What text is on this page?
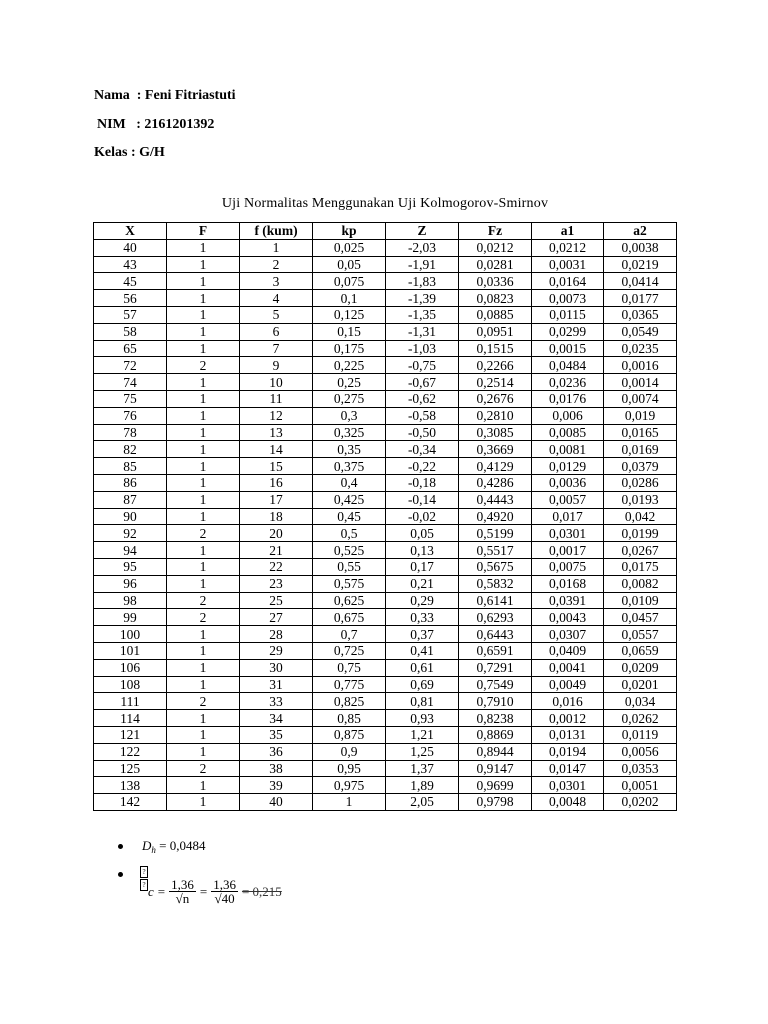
Nama  : Feni Fitriastuti
NIM   : 2161201392
Kelas : G/H
Uji Normalitas Menggunakan Uji Kolmogorov-Smirnov
X	F	f (kum)	kp	Z	Fz	a1	a2
40	1	1	0,025	-2,03	0,0212	0,0212	0,0038
43	1	2	0,05	-1,91	0,0281	0,0031	0,0219
45	1	3	0,075	-1,83	0,0336	0,0164	0,0414
56	1	4	0,1	-1,39	0,0823	0,0073	0,0177
57	1	5	0,125	-1,35	0,0885	0,0115	0,0365
58	1	6	0,15	-1,31	0,0951	0,0299	0,0549
65	1	7	0,175	-1,03	0,1515	0,0015	0,0235
72	2	9	0,225	-0,75	0,2266	0,0484	0,0016
74	1	10	0,25	-0,67	0,2514	0,0236	0,0014
75	1	11	0,275	-0,62	0,2676	0,0176	0,0074
76	1	12	0,3	-0,58	0,2810	0,006	0,019
78	1	13	0,325	-0,50	0,3085	0,0085	0,0165
82	1	14	0,35	-0,34	0,3669	0,0081	0,0169
85	1	15	0,375	-0,22	0,4129	0,0129	0,0379
86	1	16	0,4	-0,18	0,4286	0,0036	0,0286
87	1	17	0,425	-0,14	0,4443	0,0057	0,0193
90	1	18	0,45	-0,02	0,4920	0,017	0,042
92	2	20	0,5	0,05	0,5199	0,0301	0,0199
94	1	21	0,525	0,13	0,5517	0,0017	0,0267
95	1	22	0,55	0,17	0,5675	0,0075	0,0175
96	1	23	0,575	0,21	0,5832	0,0168	0,0082
98	2	25	0,625	0,29	0,6141	0,0391	0,0109
99	2	27	0,675	0,33	0,6293	0,0043	0,0457
100	1	28	0,7	0,37	0,6443	0,0307	0,0557
101	1	29	0,725	0,41	0,6591	0,0409	0,0659
106	1	30	0,75	0,61	0,7291	0,0041	0,0209
108	1	31	0,775	0,69	0,7549	0,0049	0,0201
111	2	33	0,825	0,81	0,7910	0,016	0,034
114	1	34	0,85	0,93	0,8238	0,0012	0,0262
121	1	35	0,875	1,21	0,8869	0,0131	0,0119
122	1	36	0,9	1,25	0,8944	0,0194	0,0056
125	2	38	0,95	1,37	0,9147	0,0147	0,0353
138	1	39	0,975	1,89	0,9699	0,0301	0,0051
142	1	40	1	2,05	0,9798	0,0048	0,0202
$D_h = 0,0484$
?
? $c = \frac{1,36}{√n} = \frac{1,36}{√40} = 0,215$
